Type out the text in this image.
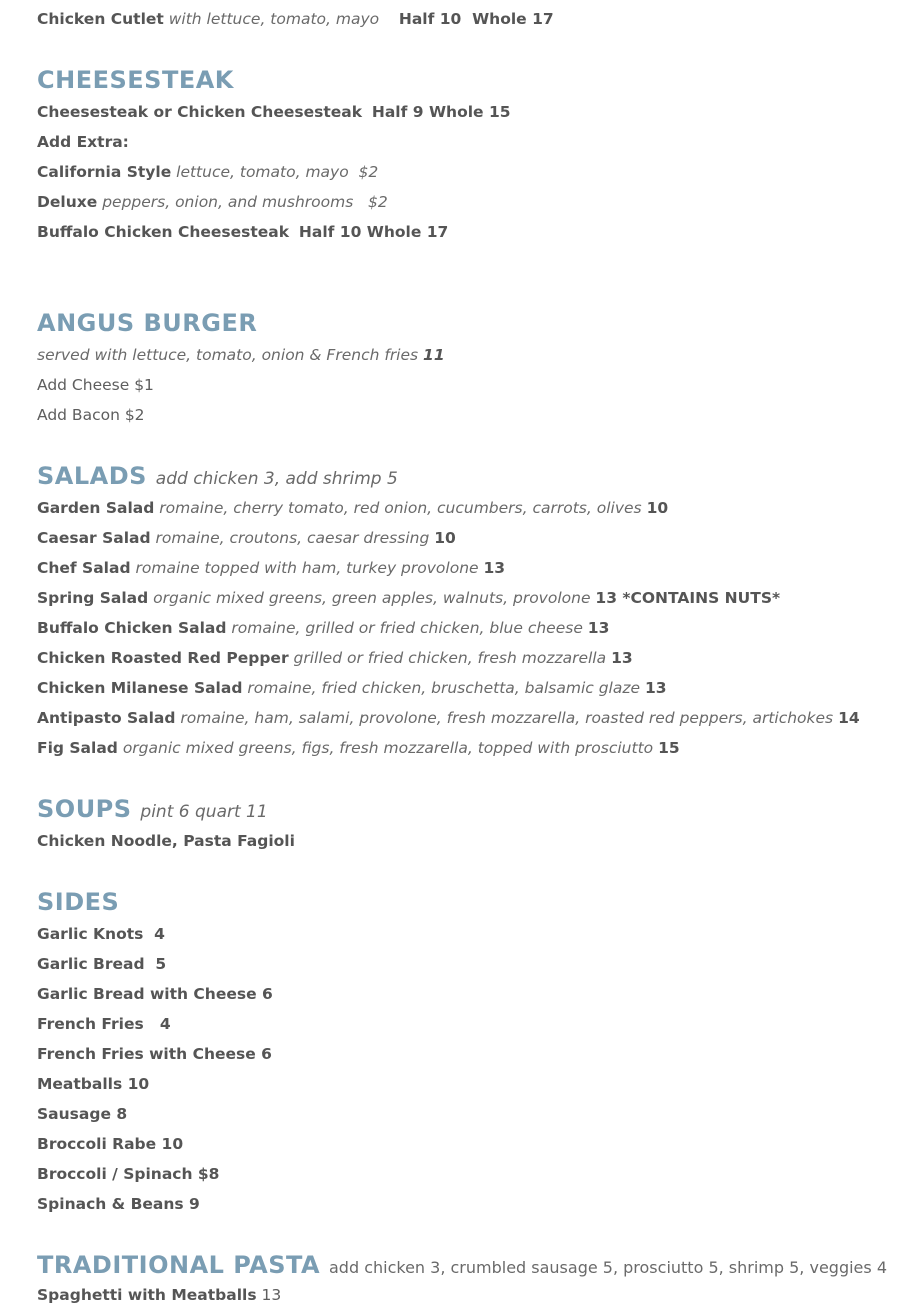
Chicken Cutlet with lettuce, tomato, mayo Half 10  Whole 17
CHEESESTEAK
Cheesesteak or Chicken Cheesesteak Half 9 Whole 15
Add Extra:
California Style lettuce, tomato, mayo  $2
Deluxe peppers, onion, and mushrooms   $2
Buffalo Chicken Cheesesteak Half 10 Whole 17
ANGUS BURGER
served with lettuce, tomato, onion & French fries 11
Add Cheese $1
Add Bacon $2
SALADS add chicken 3, add shrimp 5
Garden Salad romaine, cherry tomato, red onion, cucumbers, carrots, olives 10
Caesar Salad romaine, croutons, caesar dressing 10
Chef Salad romaine topped with ham, turkey provolone 13
Spring Salad organic mixed greens, green apples, walnuts, provolone 13 *CONTAINS NUTS*
Buffalo Chicken Salad romaine, grilled or fried chicken, blue cheese 13
Chicken Roasted Red Pepper grilled or fried chicken, fresh mozzarella 13
Chicken Milanese Salad romaine, fried chicken, bruschetta, balsamic glaze 13
Antipasto Salad romaine, ham, salami, provolone, fresh mozzarella, roasted red peppers, artichokes 14
Fig Salad organic mixed greens, figs, fresh mozzarella, topped with prosciutto 15
SOUPS pint 6 quart 11
Chicken Noodle, Pasta Fagioli
SIDES
Garlic Knots  4
Garlic Bread  5
Garlic Bread with Cheese 6
French Fries   4
French Fries with Cheese 6
Meatballs 10
Sausage 8
Broccoli Rabe 10
Broccoli / Spinach $8
Spinach & Beans 9
TRADITIONAL PASTA add chicken 3, crumbled sausage 5, prosciutto 5, shrimp 5, veggies 4
Spaghetti with Meatballs 13
